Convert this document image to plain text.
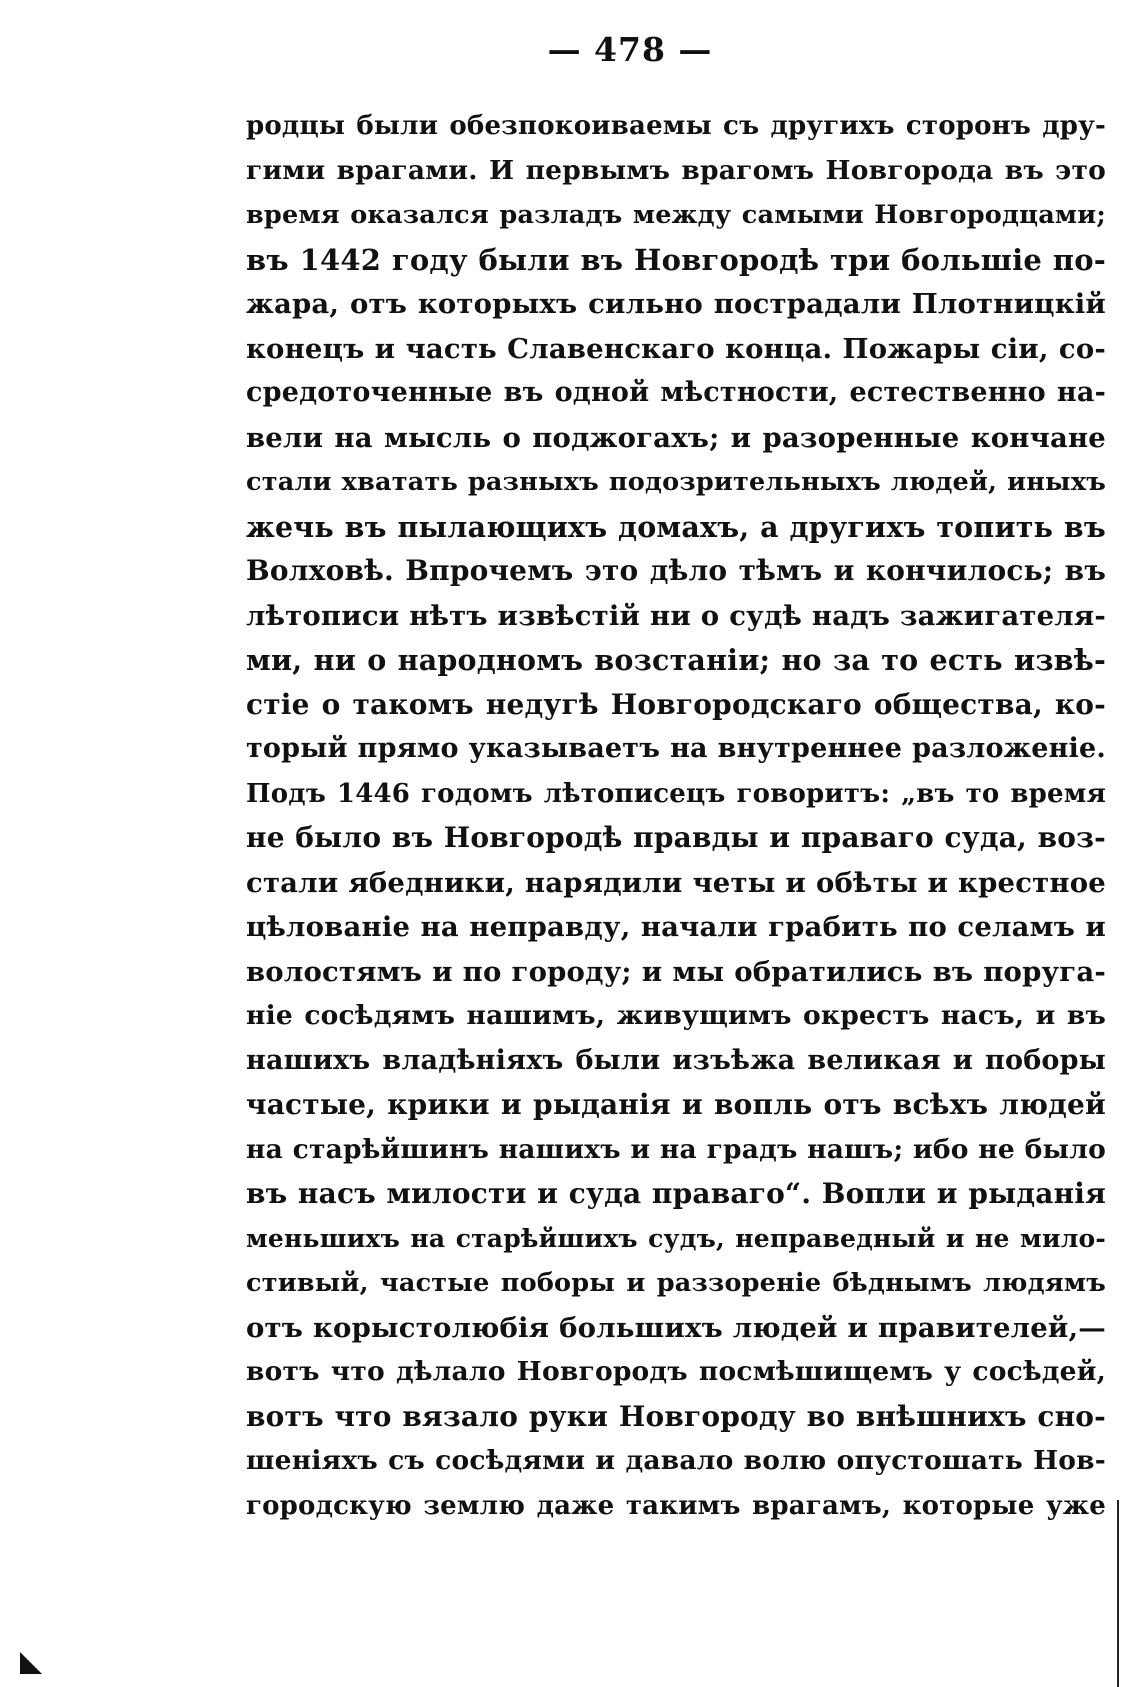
— 478 —
родцы были обезпокоиваемы съ другихъ сторонъ дру-
гими врагами. И первымъ врагомъ Новгорода въ это
время оказался разладъ между самыми Новгородцами;
въ 1442 году были въ Новгородѣ три большіе по-
жара, отъ которыхъ сильно пострадали Плотницкій
конецъ и часть Славенскаго конца. Пожары сіи, со-
средоточенные въ одной мѣстности, естественно на-
вели на мысль о поджогахъ; и разоренные кончане
стали хватать разныхъ подозрительныхъ людей, иныхъ
жечь въ пылающихъ домахъ, а другихъ топить въ
Волховѣ. Впрочемъ это дѣло тѣмъ и кончилось; въ
лѣтописи нѣтъ извѣстій ни о судѣ надъ зажигателя-
ми, ни о народномъ возстаніи; но за то есть извѣ-
стіе о такомъ недугѣ Новгородскаго общества, ко-
торый прямо указываетъ на внутреннее разложеніе.
Подъ 1446 годомъ лѣтописецъ говоритъ: „въ то время
не было въ Новгородѣ правды и праваго суда, воз-
стали ябедники, нарядили четы и обѣты и крестное
цѣлованіе на неправду, начали грабить по селамъ и
волостямъ и по городу; и мы обратились въ поруга-
ніе сосѣдямъ нашимъ, живущимъ окрестъ насъ, и въ
нашихъ владѣніяхъ были изъѣжа великая и поборы
частые, крики и рыданія и вопль отъ всѣхъ людей
на старѣйшинъ нашихъ и на градъ нашъ; ибо не было
въ насъ милости и суда праваго“. Вопли и рыданія
меньшихъ на старѣйшихъ судъ, неправедный и не мило-
стивый, частые поборы и раззореніе бѣднымъ людямъ
отъ корыстолюбія большихъ людей и правителей,—
вотъ что дѣлало Новгородъ посмѣшищемъ у сосѣдей,
вотъ что вязало руки Новгороду во внѣшнихъ сно-
шеніяхъ съ сосѣдями и давало волю опустошать Нов-
городскую землю даже такимъ врагамъ, которые уже
